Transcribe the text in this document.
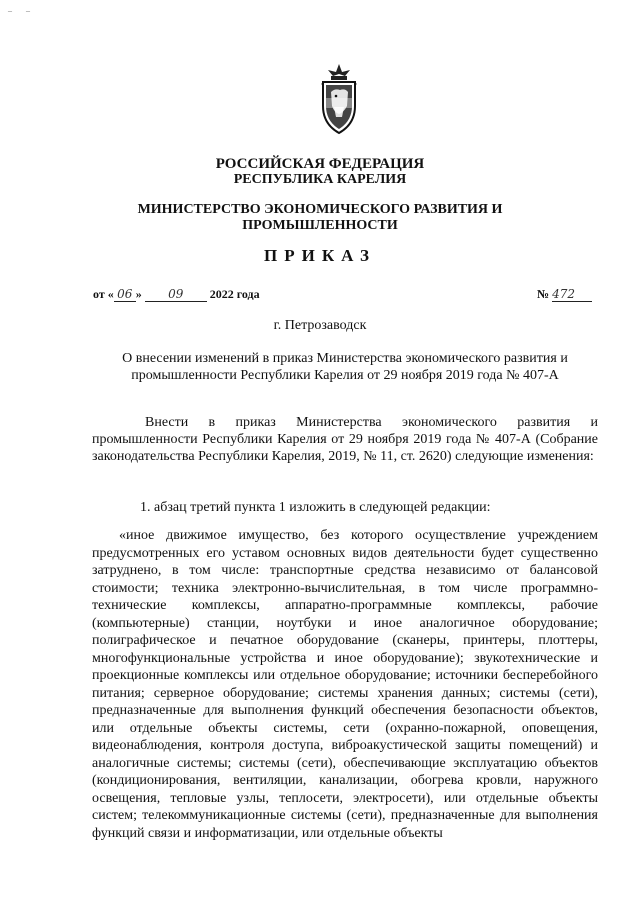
– –
РОССИЙСКАЯ ФЕДЕРАЦИЯ
РЕСПУБЛИКА КАРЕЛИЯ
МИНИСТЕРСТВО ЭКОНОМИЧЕСКОГО РАЗВИТИЯ И
ПРОМЫШЛЕННОСТИ
ПРИКАЗ
от « 06 » 09 2022 года	№ 472
г. Петрозаводск
О внесении изменений в приказ Министерства экономического развития и промышленности Республики Карелия от 29 ноября 2019 года № 407-А
Внести в приказ Министерства экономического развития и промышленности Республики Карелия от 29 ноября 2019 года № 407-А (Собрание законодательства Республики Карелия, 2019, № 11, ст. 2620) следующие изменения:
1. абзац третий пункта 1 изложить в следующей редакции:
«иное движимое имущество, без которого осуществление учреждением предусмотренных его уставом основных видов деятельности будет существенно затруднено, в том числе: транспортные средства независимо от балансовой стоимости; техника электронно-вычислительная, в том числе программно-технические комплексы, аппаратно-программные комплексы, рабочие (компьютерные) станции, ноутбуки и иное аналогичное оборудование; полиграфическое и печатное оборудование (сканеры, принтеры, плоттеры, многофункциональные устройства и иное оборудование); звукотехнические и проекционные комплексы или отдельное оборудование; источники бесперебойного питания; серверное оборудование; системы хранения данных; системы (сети), предназначенные для выполнения функций обеспечения безопасности объектов, или отдельные объекты системы, сети (охранно-пожарной, оповещения, видеонаблюдения, контроля доступа, виброакустической защиты помещений) и аналогичные системы; системы (сети), обеспечивающие эксплуатацию объектов (кондиционирования, вентиляции, канализации, обогрева кровли, наружного освещения, тепловые узлы, теплосети, электросети), или отдельные объекты систем; телекоммуникационные системы (сети), предназначенные для выполнения функций связи и информатизации, или отдельные объекты
